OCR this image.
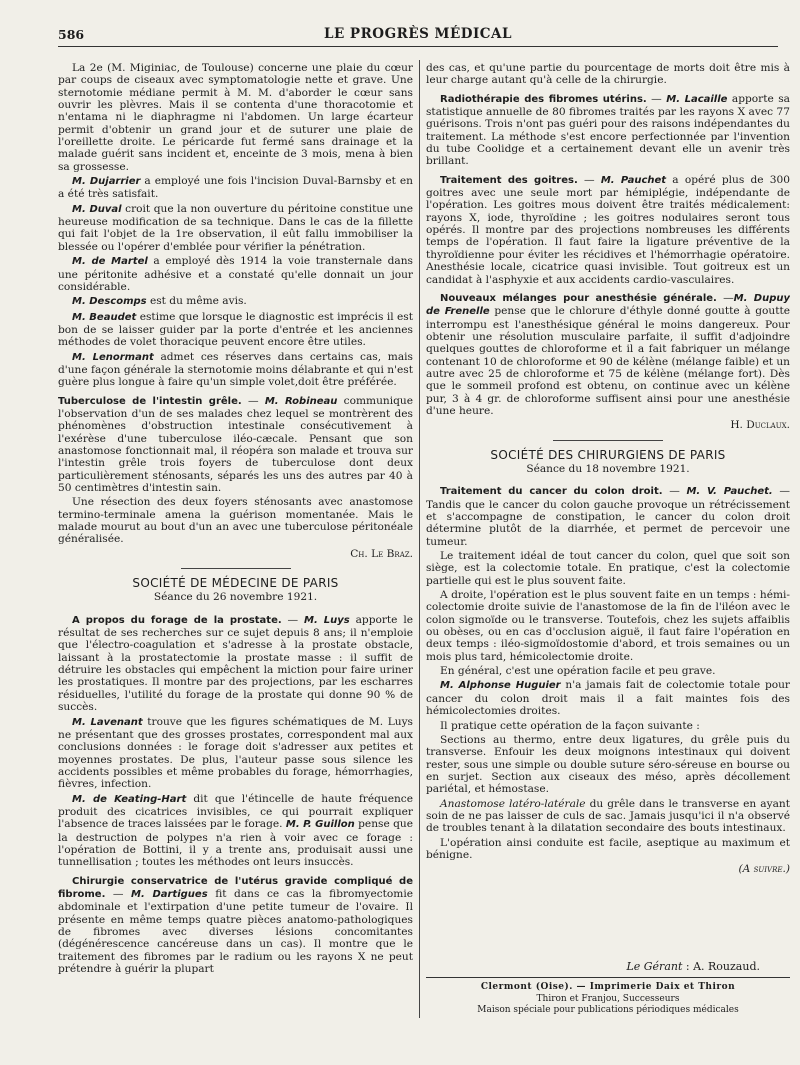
586	LE PROGRÈS MÉDICAL

La 2e (M. Miginiac, de Toulouse) concerne une plaie du cœur par coups de ciseaux avec symptomatologie nette et grave. Une sternotomie médiane permit à M. M. d'aborder le cœur sans ouvrir les plèvres. Mais il se contenta d'une thoracotomie et n'entama ni le diaphragme ni l'abdomen. Un large écarteur permit d'obtenir un grand jour et de suturer une plaie de l'oreillette droite. Le péricarde fut fermé sans drainage et la malade guérit sans incident et, enceinte de 3 mois, mena à bien sa grossesse.

M. Dujarrier a employé une fois l'incision Duval-Barnsby et en a été très satisfait.

M. Duval croit que la non ouverture du péritoine constitue une heureuse modification de sa technique. Dans le cas de la fillette qui fait l'objet de la 1re observation, il eût fallu immobiliser la blessée ou l'opérer d'emblée pour vérifier la pénétration.

M. de Martel a employé dès 1914 la voie transternale dans une péritonite adhésive et a constaté qu'elle donnait un jour considérable.

M. Descomps est du même avis.

M. Beaudet estime que lorsque le diagnostic est imprécis il est bon de se laisser guider par la porte d'entrée et les anciennes méthodes de volet thoracique peuvent encore être utiles.

M. Lenormant admet ces réserves dans certains cas, mais d'une façon générale la sternotomie moins délabrante et qui n'est guère plus longue à faire qu'un simple volet,doit être préférée.

Tuberculose de l'intestin grêle. — M. Robineau communique l'observation d'un de ses malades chez lequel se montrèrent des phénomènes d'obstruction intestinale consécutivement à l'exérèse d'une tuberculose iléo-cæcale. Pensant que son anastomose fonctionnait mal, il réopéra son malade et trouva sur l'intestin grêle trois foyers de tuberculose dont deux particulièrement sténosants, séparés les uns des autres par 40 à 50 centimètres d'intestin sain.

Une résection des deux foyers sténosants avec anastomose termino-terminale amena la guérison momentanée. Mais le malade mourut au bout d'un an avec une tuberculose péritonéale généralisée.

Ch. Le Braz.

SOCIÉTÉ DE MÉDECINE DE PARIS
Séance du 26 novembre 1921.

A propos du forage de la prostate. — M. Luys apporte le résultat de ses recherches sur ce sujet depuis 8 ans; il n'emploie que l'électro-coagulation et s'adresse à la prostate obstacle, laissant à la prostatectomie la prostate masse : il suffit de détruire les obstacles qui empêchent la miction pour faire uriner les prostatiques. Il montre par des projections, par les escharres résiduelles, l'utilité du forage de la prostate qui donne 90 % de succès.

M. Lavenant trouve que les figures schématiques de M. Luys ne présentant que des grosses prostates, correspondent mal aux conclusions données : le forage doit s'adresser aux petites et moyennes prostates. De plus, l'auteur passe sous silence les accidents possibles et même probables du forage, hémorrhagies, fièvres, infection.

M. de Keating-Hart dit que l'étincelle de haute fréquence produit des cicatrices invisibles, ce qui pourrait expliquer l'absence de traces laissées par le forage. M. P. Guillon pense que la destruction de polypes n'a rien à voir avec ce forage : l'opération de Bottini, il y a trente ans, produisait aussi une tunnellisation ; toutes les méthodes ont leurs insuccès.

Chirurgie conservatrice de l'utérus gravide compliqué de fibrome. — M. Dartigues fit dans ce cas la fibromyectomie abdominale et l'extirpation d'une petite tumeur de l'ovaire. Il présente en même temps quatre pièces anatomo-pathologiques de fibromes avec diverses lésions concomitantes (dégénérescence cancéreuse dans un cas). Il montre que le traitement des fibromes par le radium ou les rayons X ne peut prétendre à guérir la plupart

des cas, et qu'une partie du pourcentage de morts doit être mis à leur charge autant qu'à celle de la chirurgie.

Radiothérapie des fibromes utérins. — M. Lacaille apporte sa statistique annuelle de 80 fibromes traités par les rayons X avec 77 guérisons. Trois n'ont pas guéri pour des raisons indépendantes du traitement. La méthode s'est encore perfectionnée par l'invention du tube Coolidge et a certainement devant elle un avenir très brillant.

Traitement des goitres. — M. Pauchet a opéré plus de 300 goitres avec une seule mort par hémiplégie, indépendante de l'opération. Les goitres mous doivent être traités médicalement: rayons X, iode, thyroïdine ; les goitres nodulaires seront tous opérés. Il montre par des projections nombreuses les différents temps de l'opération. Il faut faire la ligature préventive de la thyroïdienne pour éviter les récidives et l'hémorrhagie opératoire. Anesthésie locale, cicatrice quasi invisible. Tout goitreux est un candidat à l'asphyxie et aux accidents cardio-vasculaires.

Nouveaux mélanges pour anesthésie générale. —M. Dupuy de Frenelle pense que le chlorure d'éthyle donné goutte à goutte interrompu est l'anesthésique général le moins dangereux. Pour obtenir une résolution musculaire parfaite, il suffit d'adjoindre quelques gouttes de chloroforme et il a fait fabriquer un mélange contenant 10 de chloroforme et 90 de kélène (mélange faible) et un autre avec 25 de chloroforme et 75 de kélène (mélange fort). Dès que le sommeil profond est obtenu, on continue avec un kélène pur, 3 à 4 gr. de chloroforme suffisent ainsi pour une anesthésie d'une heure.

H. Duclaux.

SOCIÉTÉ DES CHIRURGIENS DE PARIS
Séance du 18 novembre 1921.

Traitement du cancer du colon droit. — M. V. Pauchet. — Tandis que le cancer du colon gauche provoque un rétrécissement et s'accompagne de constipation, le cancer du colon droit détermine plutôt de la diarrhée, et permet de percevoir une tumeur.

Le traitement idéal de tout cancer du colon, quel que soit son siège, est la colectomie totale. En pratique, c'est la colectomie partielle qui est le plus souvent faite.

A droite, l'opération est le plus souvent faite en un temps : hémi-colectomie droite suivie de l'anastomose de la fin de l'iléon avec le colon sigmoïde ou le transverse. Toutefois, chez les sujets affaiblis ou obèses, ou en cas d'occlusion aiguë, il faut faire l'opération en deux temps : iléo-sigmoïdostomie d'abord, et trois semaines ou un mois plus tard, hémicolectomie droite.

En général, c'est une opération facile et peu grave.

M. Alphonse Huguier n'a jamais fait de colectomie totale pour cancer du colon droit mais il a fait maintes fois des hémicolectomies droites.

Il pratique cette opération de la façon suivante :

Sections au thermo, entre deux ligatures, du grêle puis du transverse. Enfouir les deux moignons intestinaux qui doivent rester, sous une simple ou double suture séro-séreuse en bourse ou en surjet. Section aux ciseaux des méso, après décollement pariétal, et hémostase.

Anastomose latéro-latérale du grêle dans le transverse en ayant soin de ne pas laisser de culs de sac. Jamais jusqu'ici il n'a observé de troubles tenant à la dilatation secondaire des bouts intestinaux.

L'opération ainsi conduite est facile, aseptique au maximum et bénigne.

(A suivre.)

Le Gérant : A. Rouzaud.
Clermont (Oise). — Imprimerie Daix et Thiron
Thiron et Franjou, Successeurs
Maison spéciale pour publications périodiques médicales
